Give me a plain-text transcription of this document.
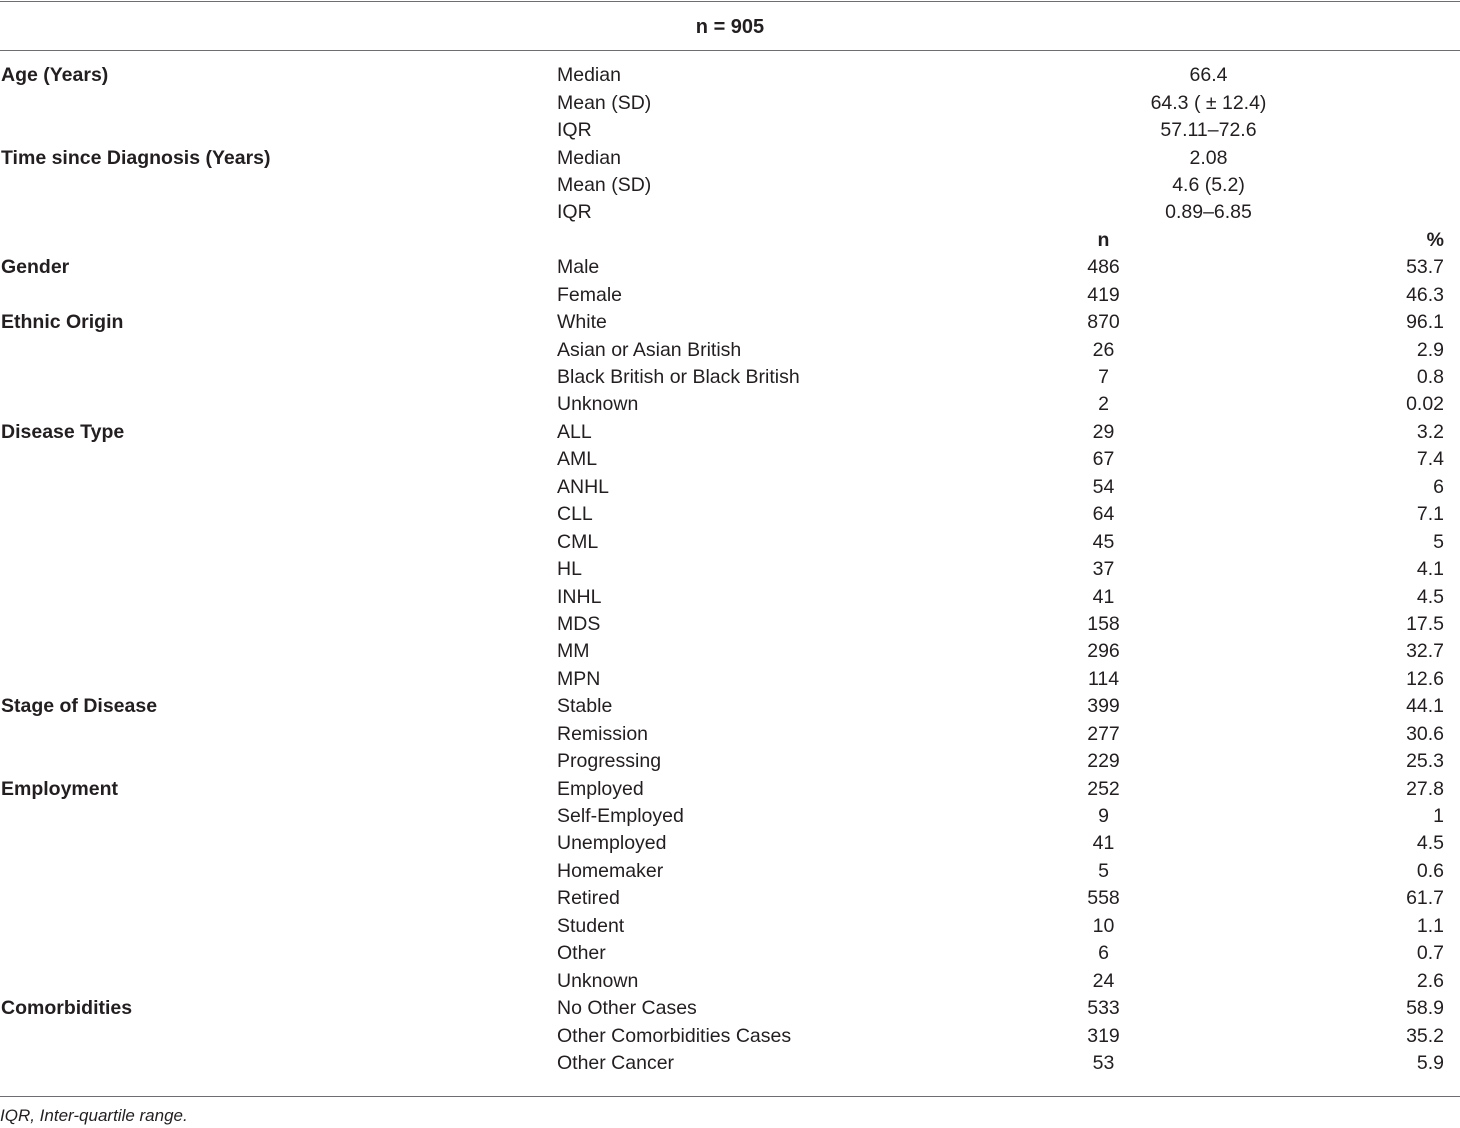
n = 905
Age (Years)	Median	66.4	
	Mean (SD)	64.3 ( ± 12.4)	
	IQR	57.11–72.6	
Time since Diagnosis (Years)	Median	2.08	
	Mean (SD)	4.6 (5.2)	
	IQR	0.89–6.85	
		n	%
Gender	Male	486	53.7
	Female	419	46.3
Ethnic Origin	White	870	96.1
	Asian or Asian British	26	2.9
	Black British or Black British	7	0.8
	Unknown	2	0.02
Disease Type	ALL	29	3.2
	AML	67	7.4
	ANHL	54	6
	CLL	64	7.1
	CML	45	5
	HL	37	4.1
	INHL	41	4.5
	MDS	158	17.5
	MM	296	32.7
	MPN	114	12.6
Stage of Disease	Stable	399	44.1
	Remission	277	30.6
	Progressing	229	25.3
Employment	Employed	252	27.8
	Self-Employed	9	1
	Unemployed	41	4.5
	Homemaker	5	0.6
	Retired	558	61.7
	Student	10	1.1
	Other	6	0.7
	Unknown	24	2.6
Comorbidities	No Other Cases	533	58.9
	Other Comorbidities Cases	319	35.2
	Other Cancer	53	5.9
IQR, Inter-quartile range.
